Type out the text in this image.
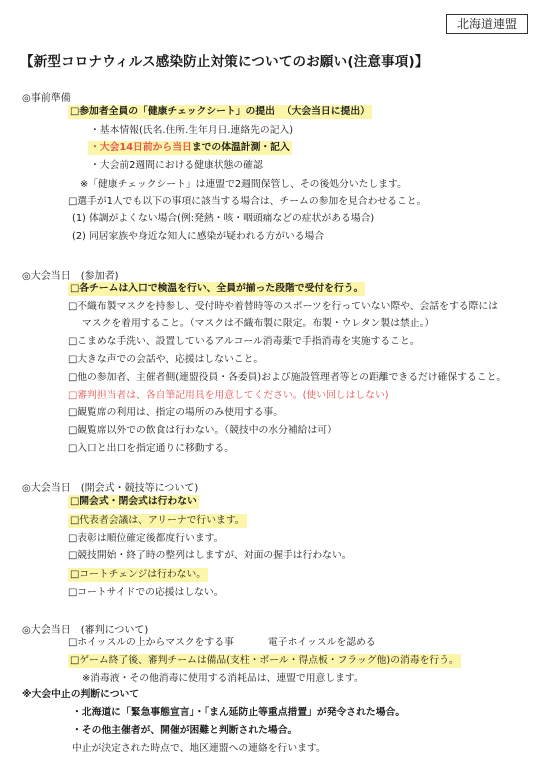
北海道連盟
【新型コロナウィルス感染防止対策についてのお願い(注意事項)】
◎事前準備
□参加者全員の「健康チェックシート」の提出 （大会当日に提出）
・基本情報(氏名.住所.生年月日.連絡先の記入)
・大会14日前から当日までの体温計測・記入
・大会前2週間における健康状態の確認
※「健康チェックシート」は連盟で2週間保管し、その後処分いたします。
□選手が1人でも以下の事項に該当する場合は、チームの参加を見合わせること。
(1) 体調がよくない場合(例:発熱・咳・咽頭痛などの症状がある場合)
(2) 同居家族や身近な知人に感染が疑われる方がいる場合
◎大会当日　(参加者)
□各チームは入口で検温を行い、全員が揃った段階で受付を行う。
□不織布製マスクを持参し、受付時や着替時等のスポーツを行っていない際や、会話をする際には
マスクを着用すること。（マスクは不織布製に限定。布製・ウレタン製は禁止。）
□こまめな手洗い、設置しているアルコール消毒薬で手指消毒を実施すること。
□大きな声での会話や、応援はしないこと。
□他の参加者、主催者側(連盟役員・各委員)および施設管理者等との距離できるだけ確保すること。
□審判担当者は、各自筆記用具を用意してください。(使い回しはしない)
□観覧席の利用は、指定の場所のみ使用する事。
□観覧席以外での飲食は行わない。（競技中の水分補給は可）
□入口と出口を指定通りに移動する。
◎大会当日　(開会式・競技等について)
□開会式・閉会式は行わない
□代表者会議は、アリーナで行います。
□表彰は順位確定後都度行います。
□競技開始・終了時の整列はしますが、対面の握手は行わない。
□コートチェンジは行わない。
□コートサイドでの応援はしない。
◎大会当日　(審判について)
□ホイッスルの上からマスクをする事	電子ホイッスルを認める
□ゲーム終了後、審判チームは備品(支柱・ボール・得点板・フラッグ他)の消毒を行う。
※消毒液・その他消毒に使用する消耗品は、連盟で用意します。
※大会中止の判断について
・北海道に「緊急事態宣言」・「まん延防止等重点措置」が発令された場合。
・その他主催者が、開催が困難と判断された場合。
中止が決定された時点で、地区連盟への連絡を行います。
